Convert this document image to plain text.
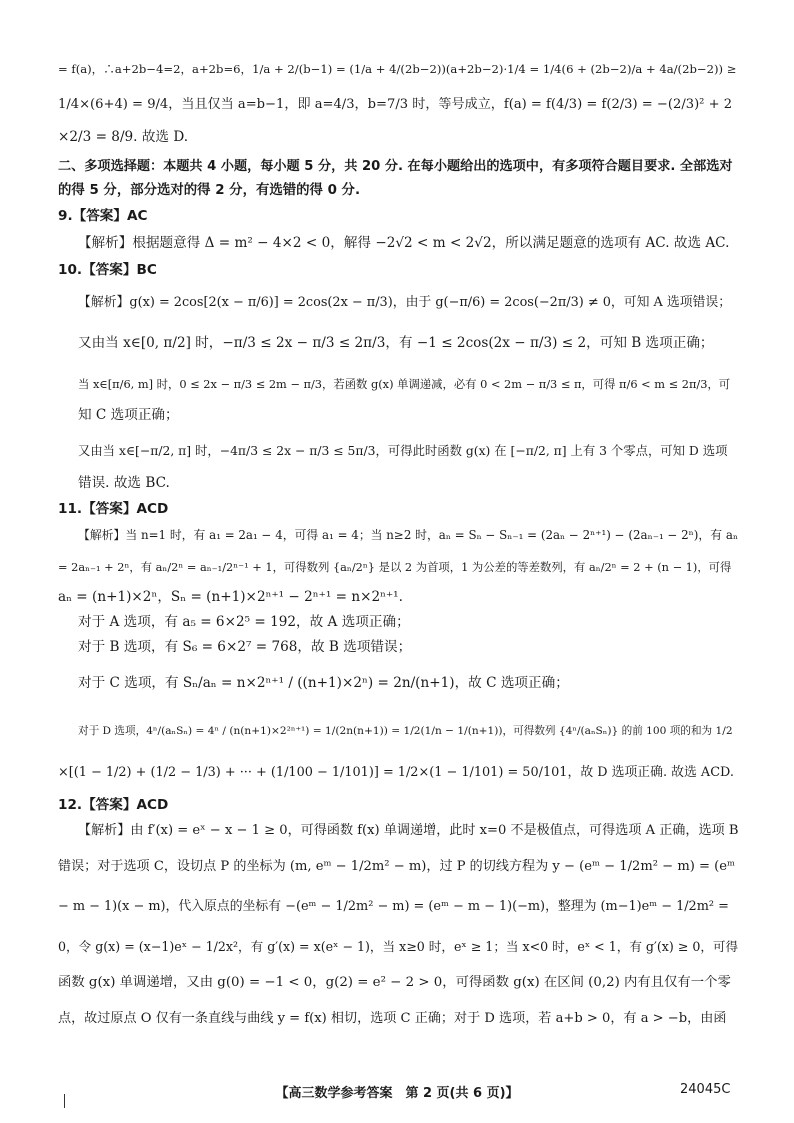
= f(a)，∴a+2b−4=2，a+2b=6，1/a + 2/(b−1) = (1/a + 4/(2b−2))(a+2b−2)·1/4 = 1/4(6 + (2b−2)/a + 4a/(2b−2)) ≥
1/4×(6+4) = 9/4，当且仅当 a=b−1，即 a=4/3，b=7/3 时，等号成立，f(a) = f(4/3) = f(2/3) = −(2/3)² + 2
×2/3 = 8/9. 故选 D.
二、多项选择题：本题共 4 小题，每小题 5 分，共 20 分. 在每小题给出的选项中，有多项符合题目要求. 全部选对
的得 5 分，部分选对的得 2 分，有选错的得 0 分.
9.【答案】AC
【解析】根据题意得 Δ = m² − 4×2 < 0，解得 −2√2 < m < 2√2，所以满足题意的选项有 AC. 故选 AC.
10.【答案】BC
【解析】g(x) = 2cos[2(x − π/6)] = 2cos(2x − π/3)，由于 g(−π/6) = 2cos(−2π/3) ≠ 0，可知 A 选项错误；
又由当 x∈[0, π/2] 时，−π/3 ≤ 2x − π/3 ≤ 2π/3，有 −1 ≤ 2cos(2x − π/3) ≤ 2，可知 B 选项正确；
当 x∈[π/6, m] 时，0 ≤ 2x − π/3 ≤ 2m − π/3，若函数 g(x) 单调递减，必有 0 < 2m − π/3 ≤ π，可得 π/6 < m ≤ 2π/3，可
知 C 选项正确；
又由当 x∈[−π/2, π] 时，−4π/3 ≤ 2x − π/3 ≤ 5π/3，可得此时函数 g(x) 在 [−π/2, π] 上有 3 个零点，可知 D 选项
错误. 故选 BC.
11.【答案】ACD
【解析】当 n=1 时，有 a₁ = 2a₁ − 4，可得 a₁ = 4；当 n≥2 时，aₙ = Sₙ − Sₙ₋₁ = (2aₙ − 2ⁿ⁺¹) − (2aₙ₋₁ − 2ⁿ)，有 aₙ
= 2aₙ₋₁ + 2ⁿ，有 aₙ/2ⁿ = aₙ₋₁/2ⁿ⁻¹ + 1，可得数列 {aₙ/2ⁿ} 是以 2 为首项，1 为公差的等差数列，有 aₙ/2ⁿ = 2 + (n − 1)，可得
aₙ = (n+1)×2ⁿ，Sₙ = (n+1)×2ⁿ⁺¹ − 2ⁿ⁺¹ = n×2ⁿ⁺¹.
对于 A 选项，有 a₅ = 6×2⁵ = 192，故 A 选项正确；
对于 B 选项，有 S₆ = 6×2⁷ = 768，故 B 选项错误；
对于 C 选项，有 Sₙ/aₙ = n×2ⁿ⁺¹ / ((n+1)×2ⁿ) = 2n/(n+1)，故 C 选项正确；
对于 D 选项，4ⁿ/(aₙSₙ) = 4ⁿ / (n(n+1)×2²ⁿ⁺¹) = 1/(2n(n+1)) = 1/2(1/n − 1/(n+1))，可得数列 {4ⁿ/(aₙSₙ)} 的前 100 项的和为 1/2
×[(1 − 1/2) + (1/2 − 1/3) + ··· + (1/100 − 1/101)] = 1/2×(1 − 1/101) = 50/101，故 D 选项正确. 故选 ACD.
12.【答案】ACD
【解析】由 f′(x) = eˣ − x − 1 ≥ 0，可得函数 f(x) 单调递增，此时 x=0 不是极值点，可得选项 A 正确，选项 B
错误；对于选项 C，设切点 P 的坐标为 (m, eᵐ − 1/2m² − m)，过 P 的切线方程为 y − (eᵐ − 1/2m² − m) = (eᵐ
− m − 1)(x − m)，代入原点的坐标有 −(eᵐ − 1/2m² − m) = (eᵐ − m − 1)(−m)，整理为 (m−1)eᵐ − 1/2m² =
0，令 g(x) = (x−1)eˣ − 1/2x²，有 g′(x) = x(eˣ − 1)，当 x≥0 时，eˣ ≥ 1；当 x<0 时，eˣ < 1，有 g′(x) ≥ 0，可得
函数 g(x) 单调递增，又由 g(0) = −1 < 0，g(2) = e² − 2 > 0，可得函数 g(x) 在区间 (0,2) 内有且仅有一个零
点，故过原点 O 仅有一条直线与曲线 y = f(x) 相切，选项 C 正确；对于 D 选项，若 a+b > 0，有 a > −b，由函
【高三数学参考答案　第 2 页(共 6 页)】	24045C
